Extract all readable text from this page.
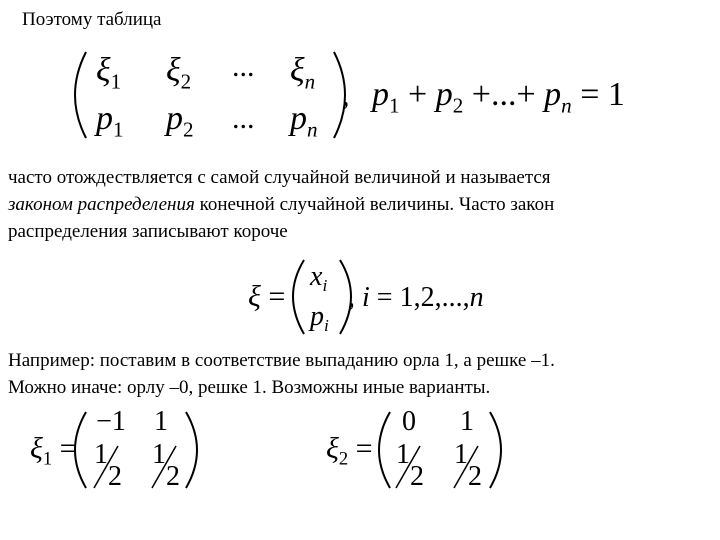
Поэтому таблица
$\xi_1$ $\xi_2$ ... $\xi_n$
$p_1$ $p_2$ ... $p_n$
, $p_1 + p_2$ +...+ $p_n = 1$
часто отождествляется с самой случайной величиной и называется
законом распределения конечной случайной величины. Часто закон
распределения записывают короче
ξ =
$x_i$
$p_i$
, i = 1,2,...,n
Например: поставим в соответствие выпаданию орла 1, а решке –1.
Можно иначе: орлу –0, решке 1. Возможны иные варианты.
$\xi_1$ =
−1	1
1
2
1
2
$\xi_2$ =
0 1
1
2
1
2
